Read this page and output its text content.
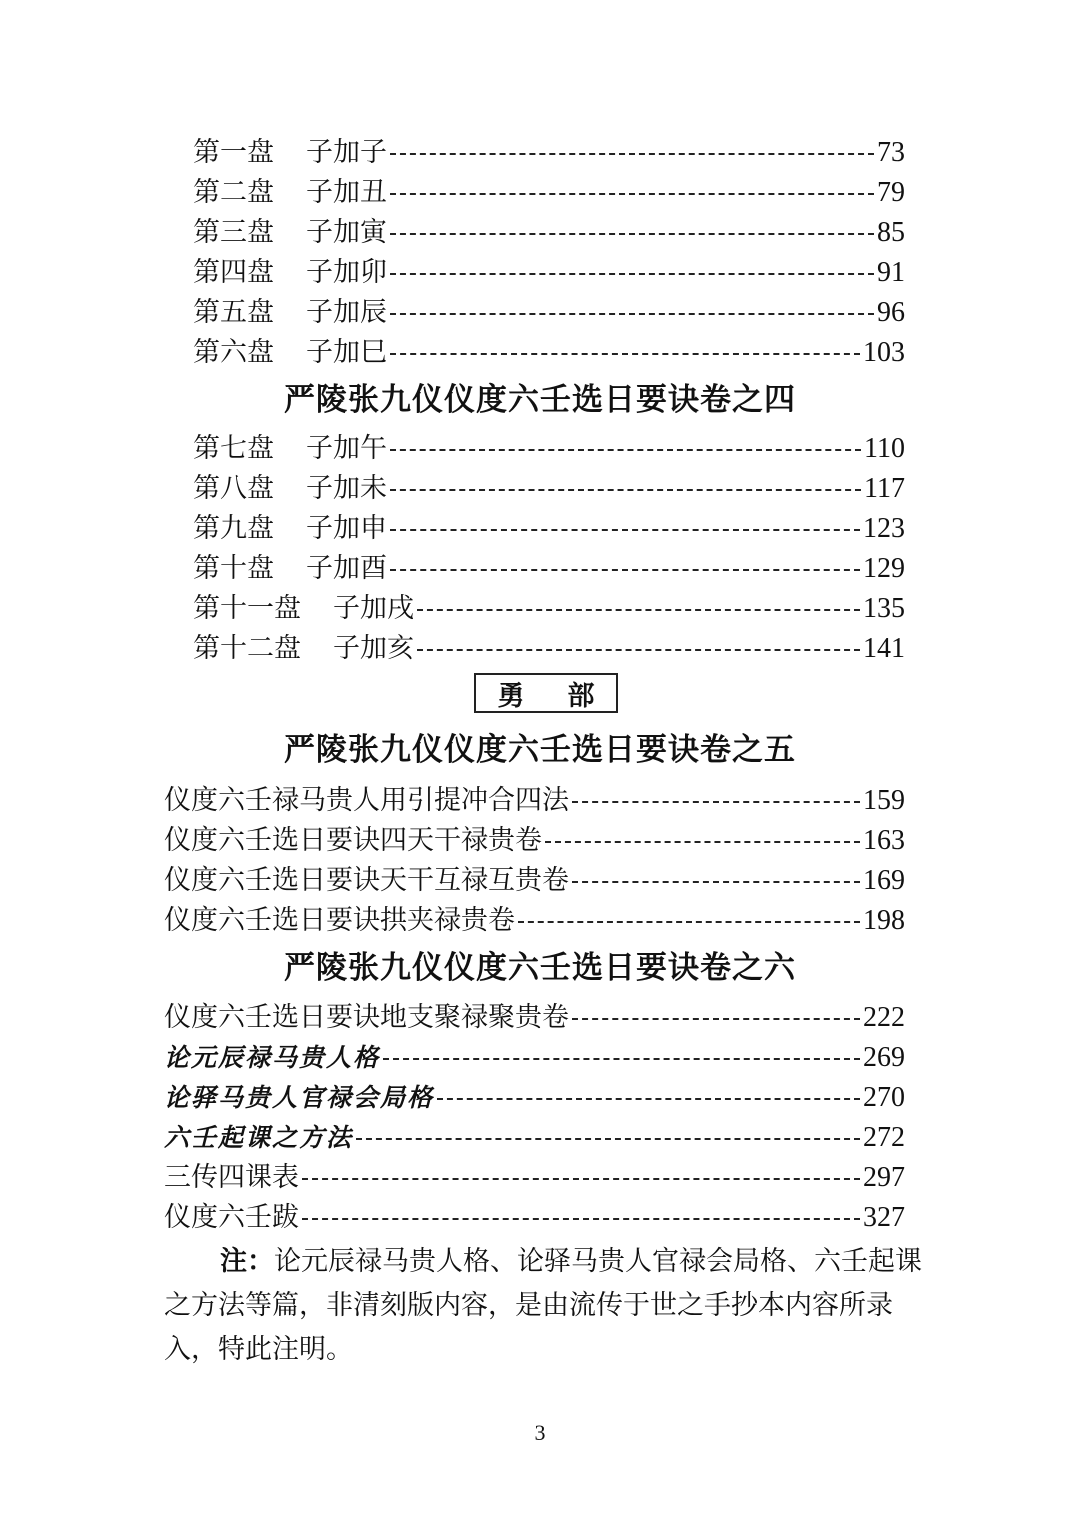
第一盘 子加子	73
第二盘 子加丑	79
第三盘 子加寅	85
第四盘 子加卯	91
第五盘 子加辰	96
第六盘 子加巳	103
严陵张九仪仪度六壬选日要诀卷之四
第七盘 子加午	110
第八盘 子加未	117
第九盘 子加申	123
第十盘 子加酉	129
第十一盘 子加戌	135
第十二盘 子加亥	141
勇 部
严陵张九仪仪度六壬选日要诀卷之五
仪度六壬禄马贵人用引提冲合四法	159
仪度六壬选日要诀四天干禄贵卷	163
仪度六壬选日要诀天干互禄互贵卷	169
仪度六壬选日要诀拱夹禄贵卷	198
严陵张九仪仪度六壬选日要诀卷之六
仪度六壬选日要诀地支聚禄聚贵卷	222
论元辰禄马贵人格	269
论驿马贵人官禄会局格	270
六壬起课之方法	272
三传四课表	297
仪度六壬跋	327
注：论元辰禄马贵人格、论驿马贵人官禄会局格、六壬起课之方法等篇，非清刻版内容，是由流传于世之手抄本内容所录入，特此注明。
3
